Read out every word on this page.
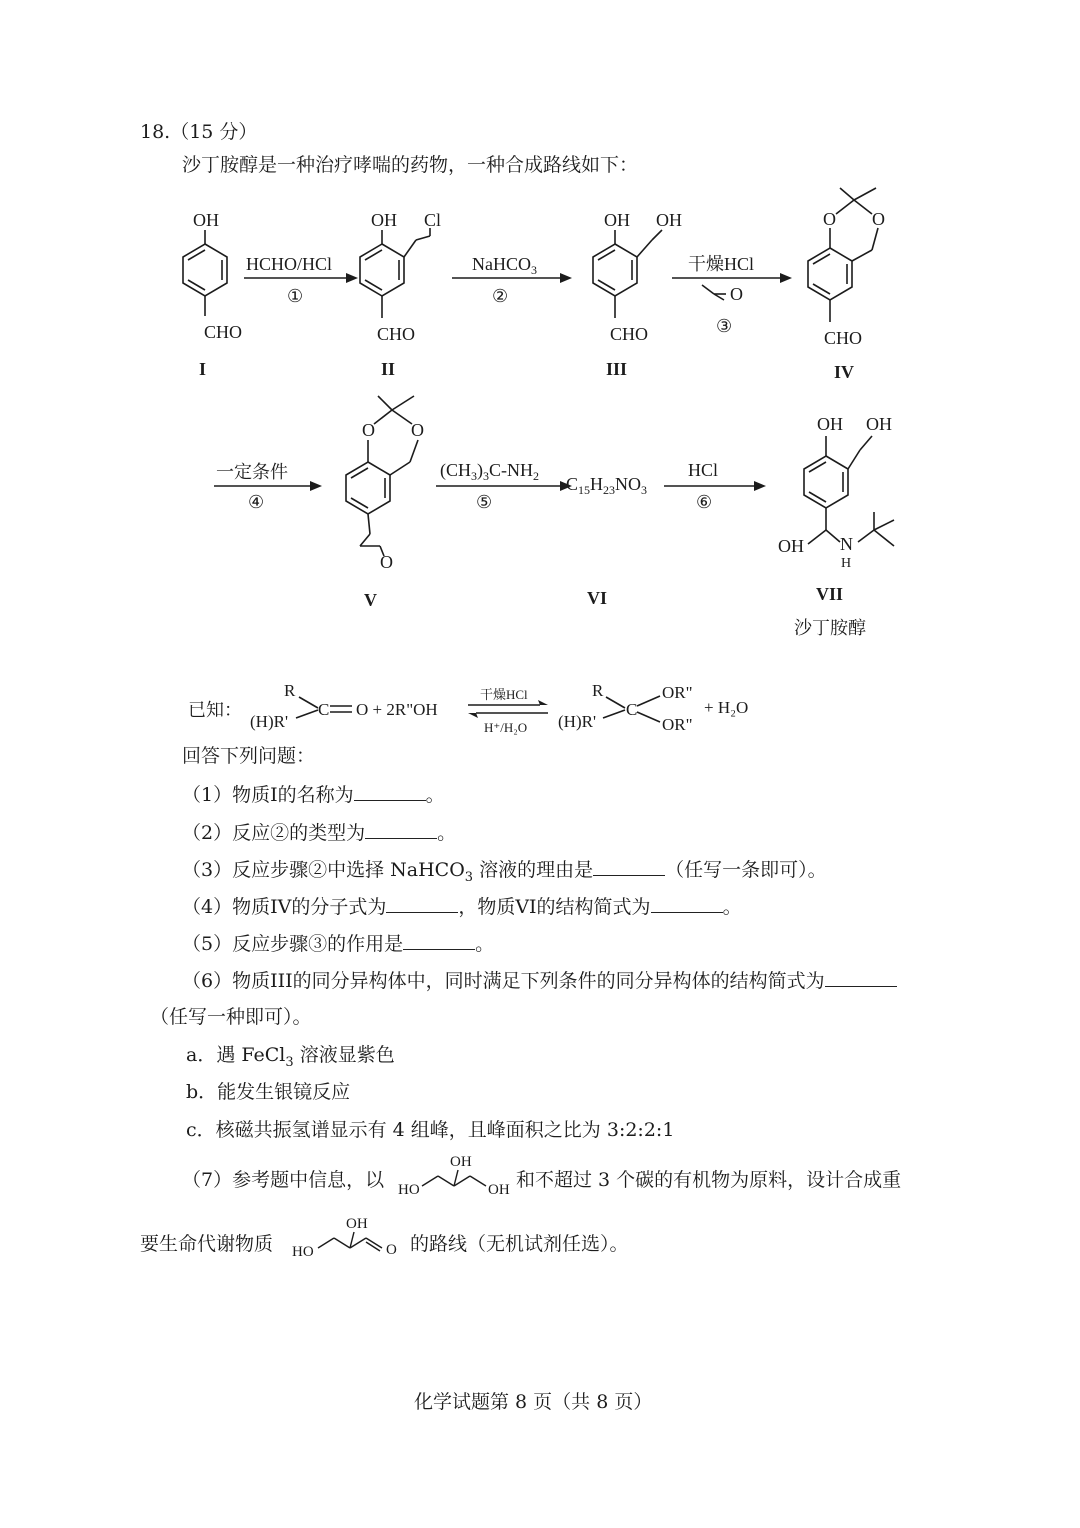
18.（15 分）
沙丁胺醇是一种治疗哮喘的药物，一种合成路线如下：
OH
CHO
OH Cl
CHO
OH OH
CHO
O O
CHO
O O
O
OH OH
OH N
H
HCHO/HCl
①
NaHCO$_3$
②
干燥HCl
O
③
一定条件
④
$(CH_3)_3C-NH_2$
⑤
HCl
⑥
$C_{15}H_{23}NO_3$
I	II	III	IV
V	VI	VII
沙丁胺醇
已知：
R
(H)R'
C O + 2R"OH
干燥HCl
H⁺/H₂O
R
(H)R'
C
OR"
OR"
+ H₂O
回答下列问题：
（1）物质I的名称为	。
（2）反应②的类型为	。
（3）反应步骤②中选择 NaHCO$_3$ 溶液的理由是	（任写一条即可）。
（4）物质IV的分子式为	，物质VI的结构简式为	。
（5）反应步骤③的作用是	。
（6）物质III的同分异构体中，同时满足下列条件的同分异构体的结构简式为
（任写一种即可）。
a．遇 FeCl$_3$ 溶液显紫色
b．能发生银镜反应
c．核磁共振氢谱显示有 4 组峰，且峰面积之比为 3:2:2:1
（7）参考题中信息，以 HO
OH
OH 和不超过 3 个碳的有机物为原料，设计合成重
要生命代谢物质 HO
OH
O 的路线（无机试剂任选）。
化学试题第 8 页（共 8 页）
